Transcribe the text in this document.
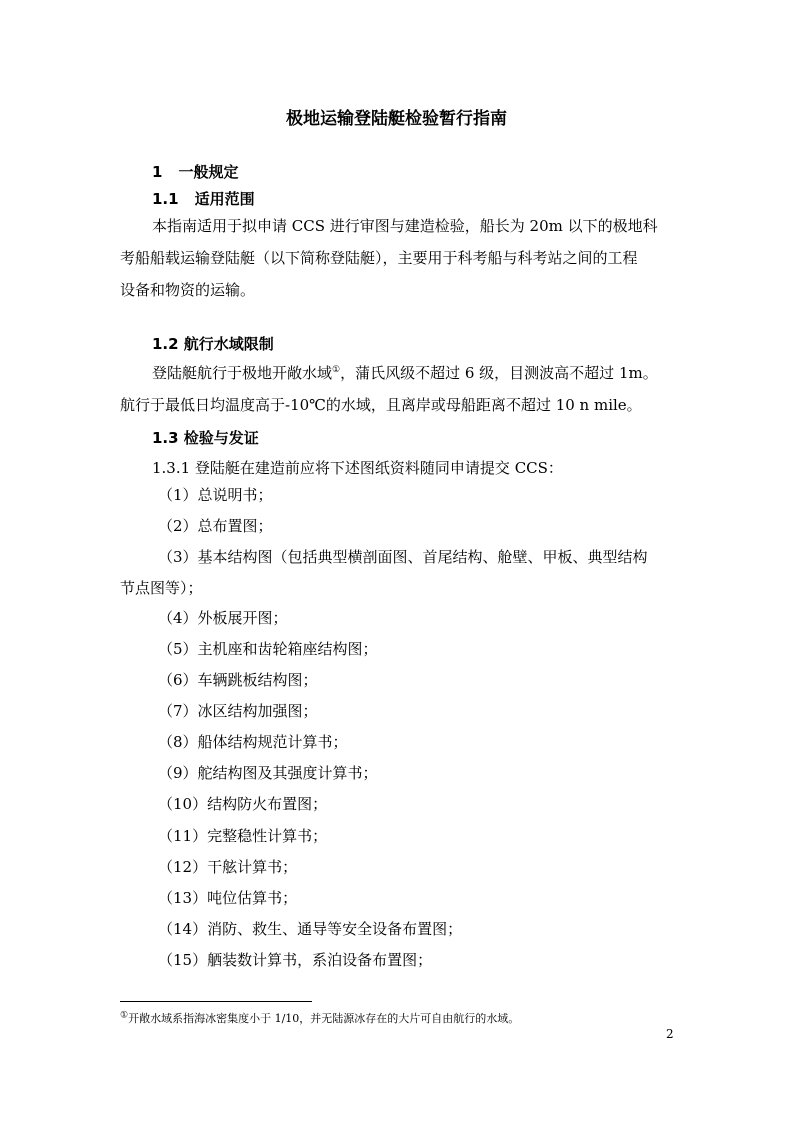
极地运输登陆艇检验暂行指南
1 一般规定
1.1 适用范围
本指南适用于拟申请 CCS 进行审图与建造检验，船长为 20m 以下的极地科
考船船载运输登陆艇（以下简称登陆艇），主要用于科考船与科考站之间的工程
设备和物资的运输。
1.2 航行水域限制
登陆艇航行于极地开敞水域①，蒲氏风级不超过 6 级，目测波高不超过 1m。
航行于最低日均温度高于-10℃的水域，且离岸或母船距离不超过 10 n mile。
1.3 检验与发证
1.3.1 登陆艇在建造前应将下述图纸资料随同申请提交 CCS：
（1）总说明书；
（2）总布置图；
（3）基本结构图（包括典型横剖面图、首尾结构、舱壁、甲板、典型结构
节点图等）；
（4）外板展开图；
（5）主机座和齿轮箱座结构图；
（6）车辆跳板结构图；
（7）冰区结构加强图；
（8）船体结构规范计算书；
（9）舵结构图及其强度计算书；
（10）结构防火布置图；
（11）完整稳性计算书；
（12）干舷计算书；
（13）吨位估算书；
（14）消防、救生、通导等安全设备布置图；
（15）舾装数计算书，系泊设备布置图；
①开敞水域系指海冰密集度小于 1/10，并无陆源冰存在的大片可自由航行的水域。
2
